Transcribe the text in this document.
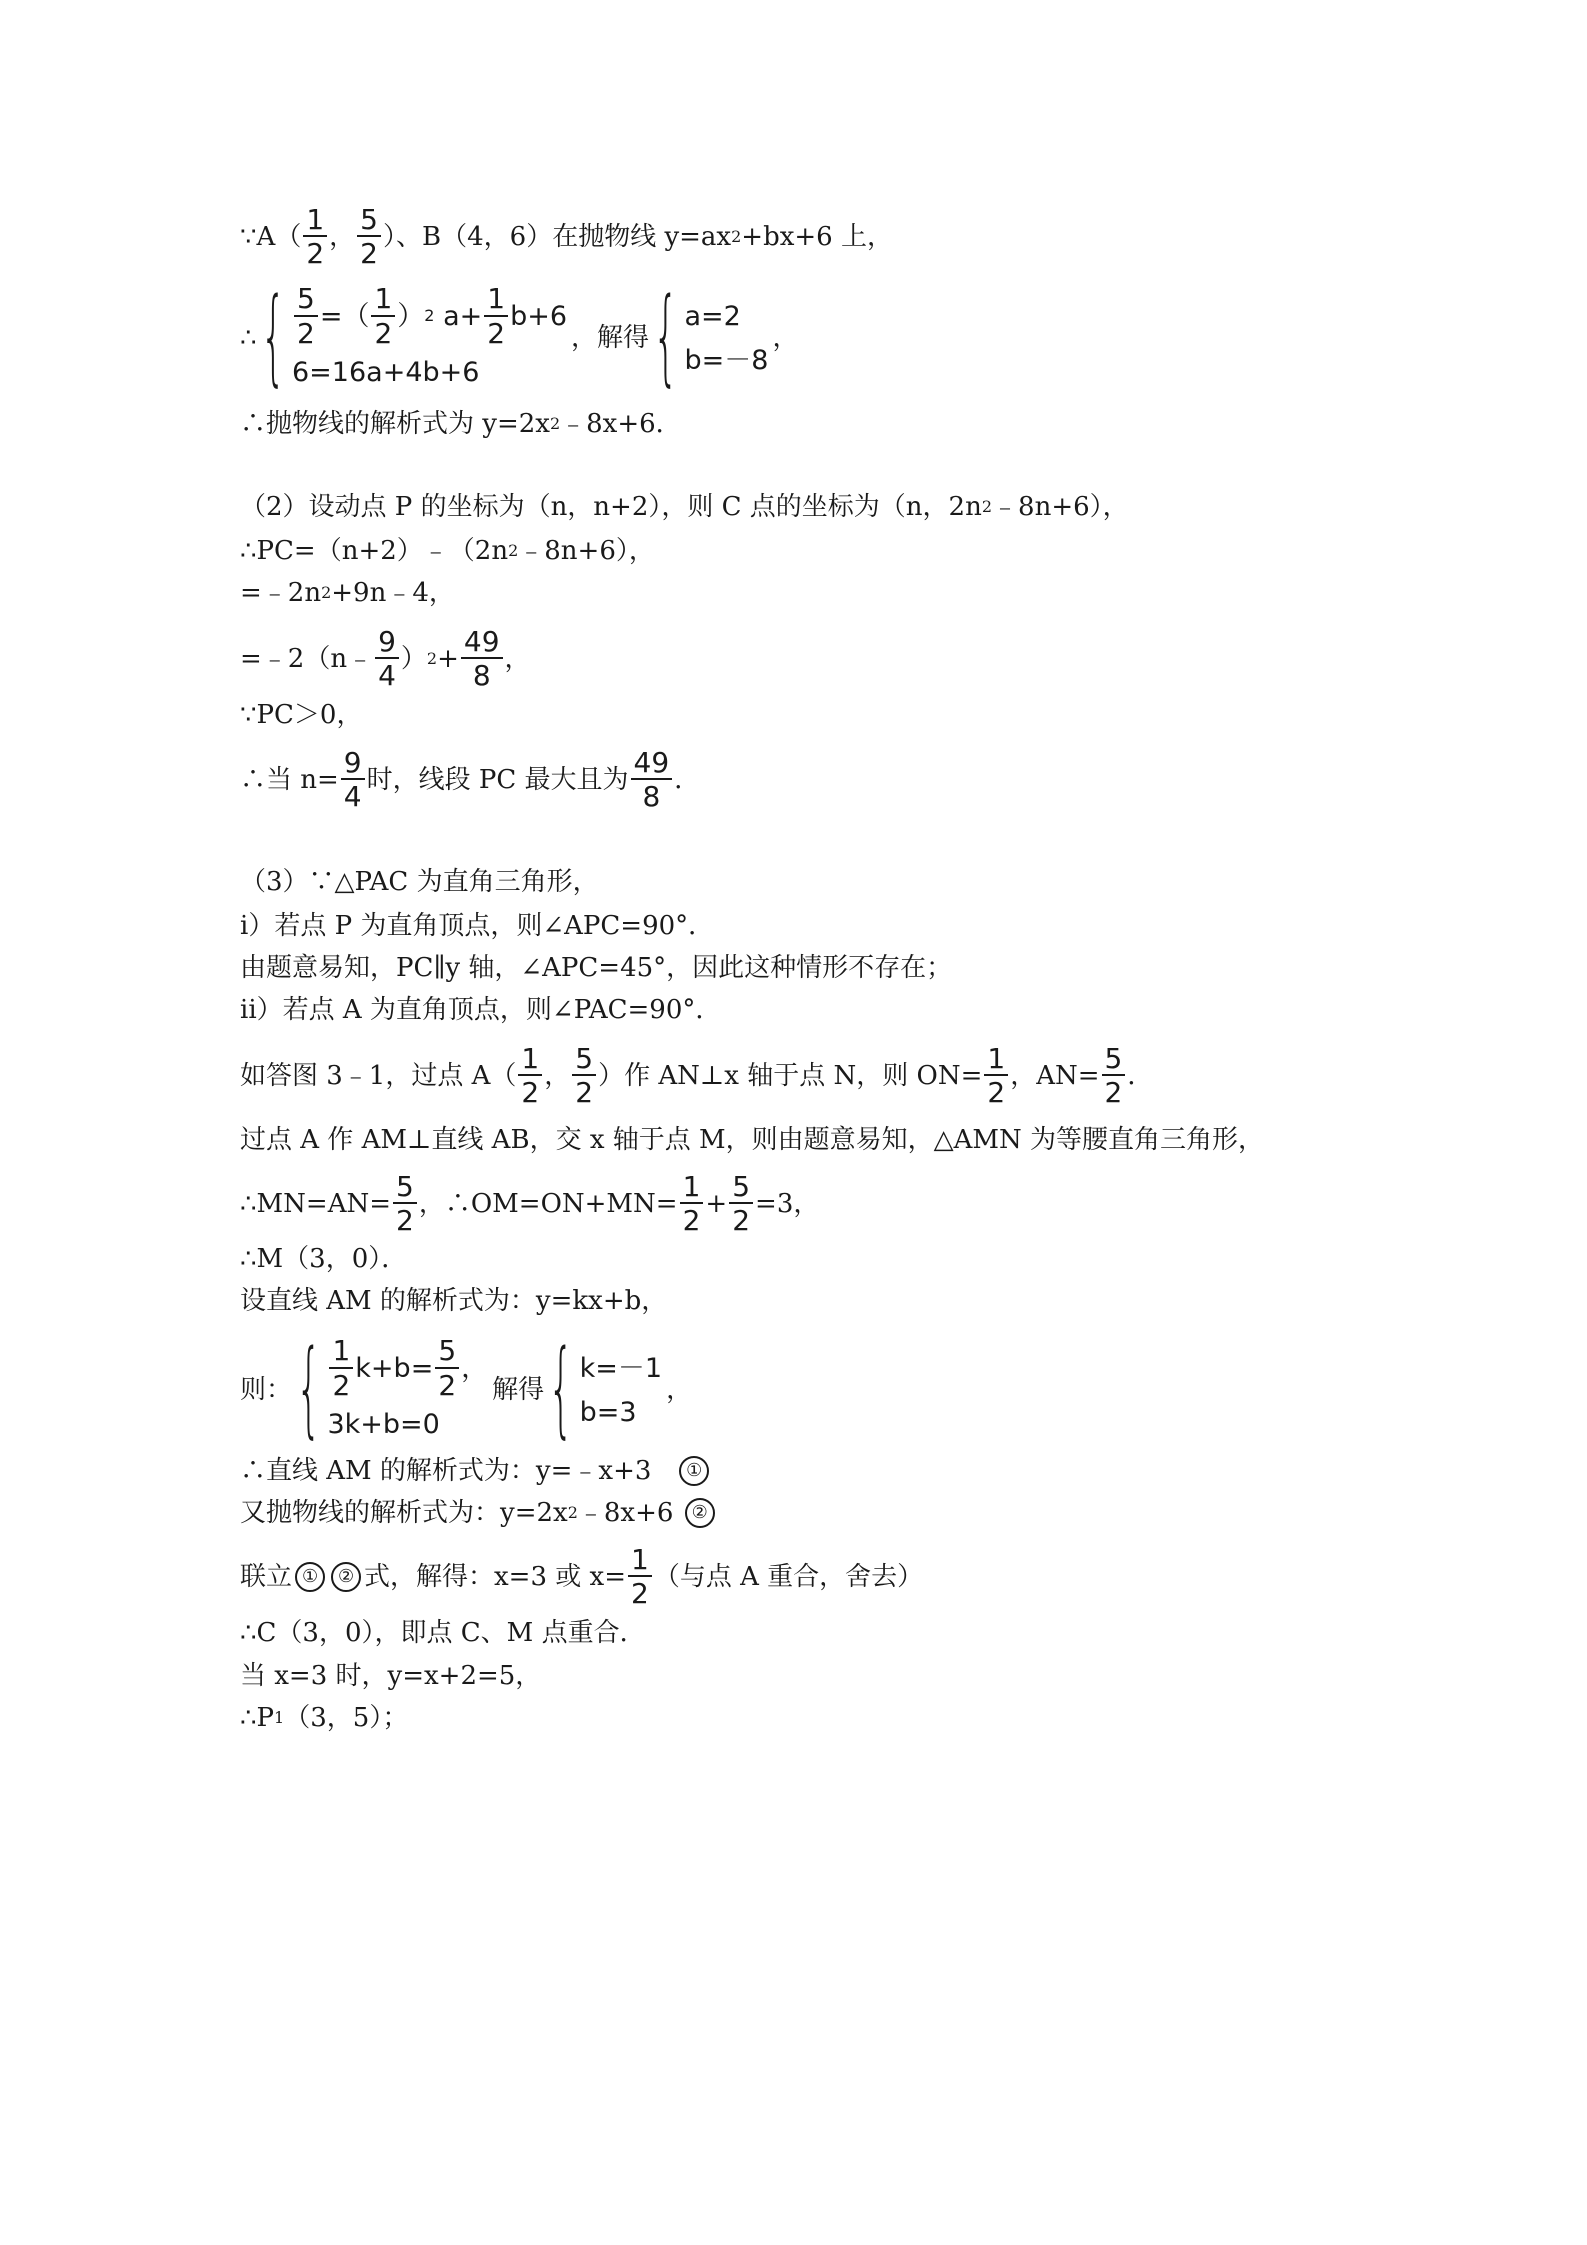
∵A（ $\frac{1}{2}$ ， $\frac{5}{2}$ ）、B（4，6）在抛物线 y=ax 2 +bx+6 上，
∴ { $\frac{5}{2}$ =（ $\frac{1}{2}$ ） 2
$a+ \frac{1}{2} b+6$
6=16a+4b+6
，解得 { a=2
b=－8
，
∴抛物线的解析式为 y=2x 2 ﹣8x+6．
（2）设动点 P 的坐标为（n，n+2），则 C 点的坐标为（n，2n 2 ﹣8n+6），
∴PC=（n+2）﹣（2n 2 ﹣8n+6），
=﹣2n 2 +9n﹣4，
=﹣2（n﹣ $\frac{9}{4}$ ） $2 + \frac{49}{8}$ ，
∵PC＞0，
∴当 $n= \frac{9}{4}$ 时，线段 PC 最大且为 $\frac{49}{8}$ ．
（3）∵△PAC 为直角三角形，
i）若点 P 为直角顶点，则∠APC=90°．
由题意易知，PC∥y 轴，∠APC=45°，因此这种情形不存在；
ii）若点 A 为直角顶点，则∠PAC=90°．
如答图 3﹣1，过点 $A( \frac{1}{2}$ ， $\frac{5}{2}$ ）作 AN⊥x 轴于点 N，则 $ON= \frac{1}{2}$ ，$AN= \frac{5}{2}$ ．
过点 A 作 AM⊥直线 AB，交 x 轴于点 M，则由题意易知，△AMN 为等腰直角三角形，
∴MN=AN= $\frac{5}{2}$ ，∴OM=ON+MN= $\frac{1}{2} + \frac{5}{2} =3$，
∴M（3，0）．
设直线 AM 的解析式为：y=kx+b，
则： { $\frac{1}{2} k+b= \frac{5}{2}$ ，
3k+b=0
解得 { k=－1
b=3
，
∴直线 AM 的解析式为：y=﹣x+3
	①
又抛物线的解析式为：y=2x 2 ﹣8x+6
	②
联立 ①	② 式，解得：x=3 或 $x= \frac{1}{2}$ （与点 A 重合，舍去）
∴C（3，0），即点 C、M 点重合．
当 x=3 时，y=x+2=5，
∴P 1 （3，5）；
